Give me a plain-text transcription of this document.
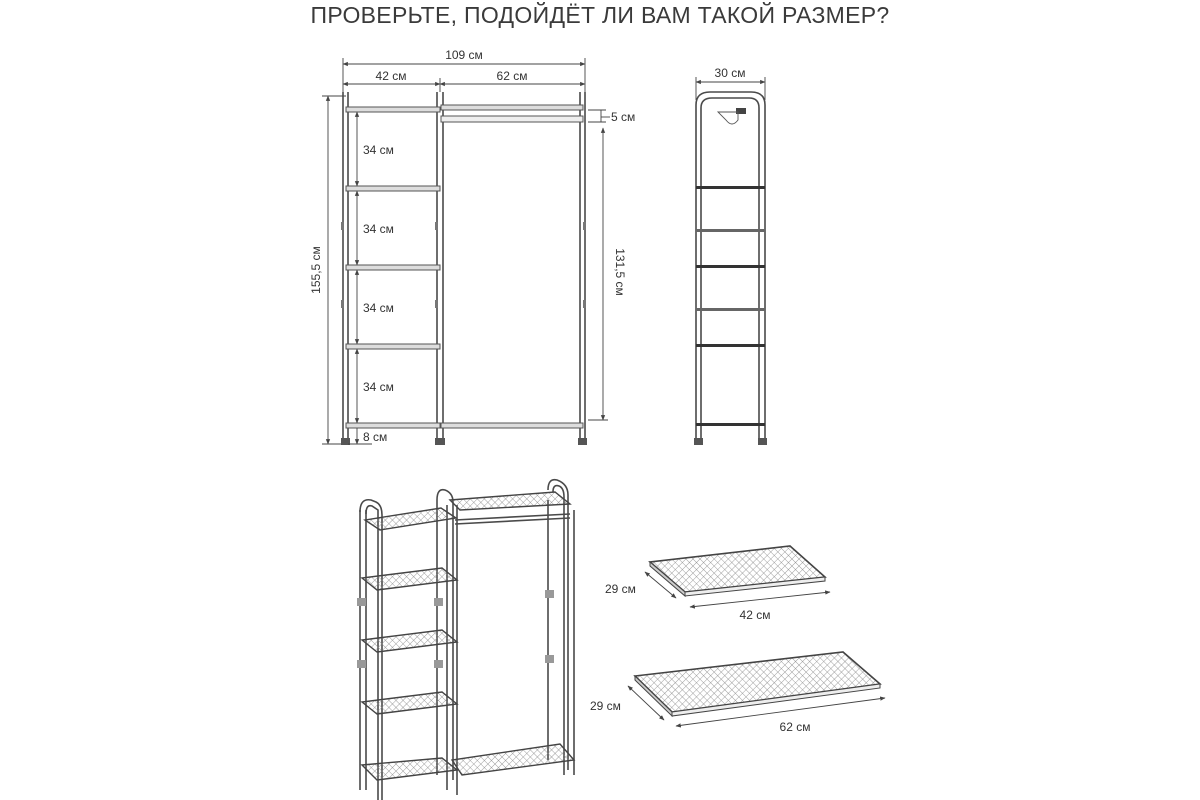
ПРОВЕРЬТЕ, ПОДОЙДЁТ ЛИ ВАМ ТАКОЙ РАЗМЕР?
109 см
42 см	62 см
155,5 см
34 см
34 см
34 см
34 см
8 см
5 см
131,5 см
30 см
29 см
42 см
29 см
62 см
